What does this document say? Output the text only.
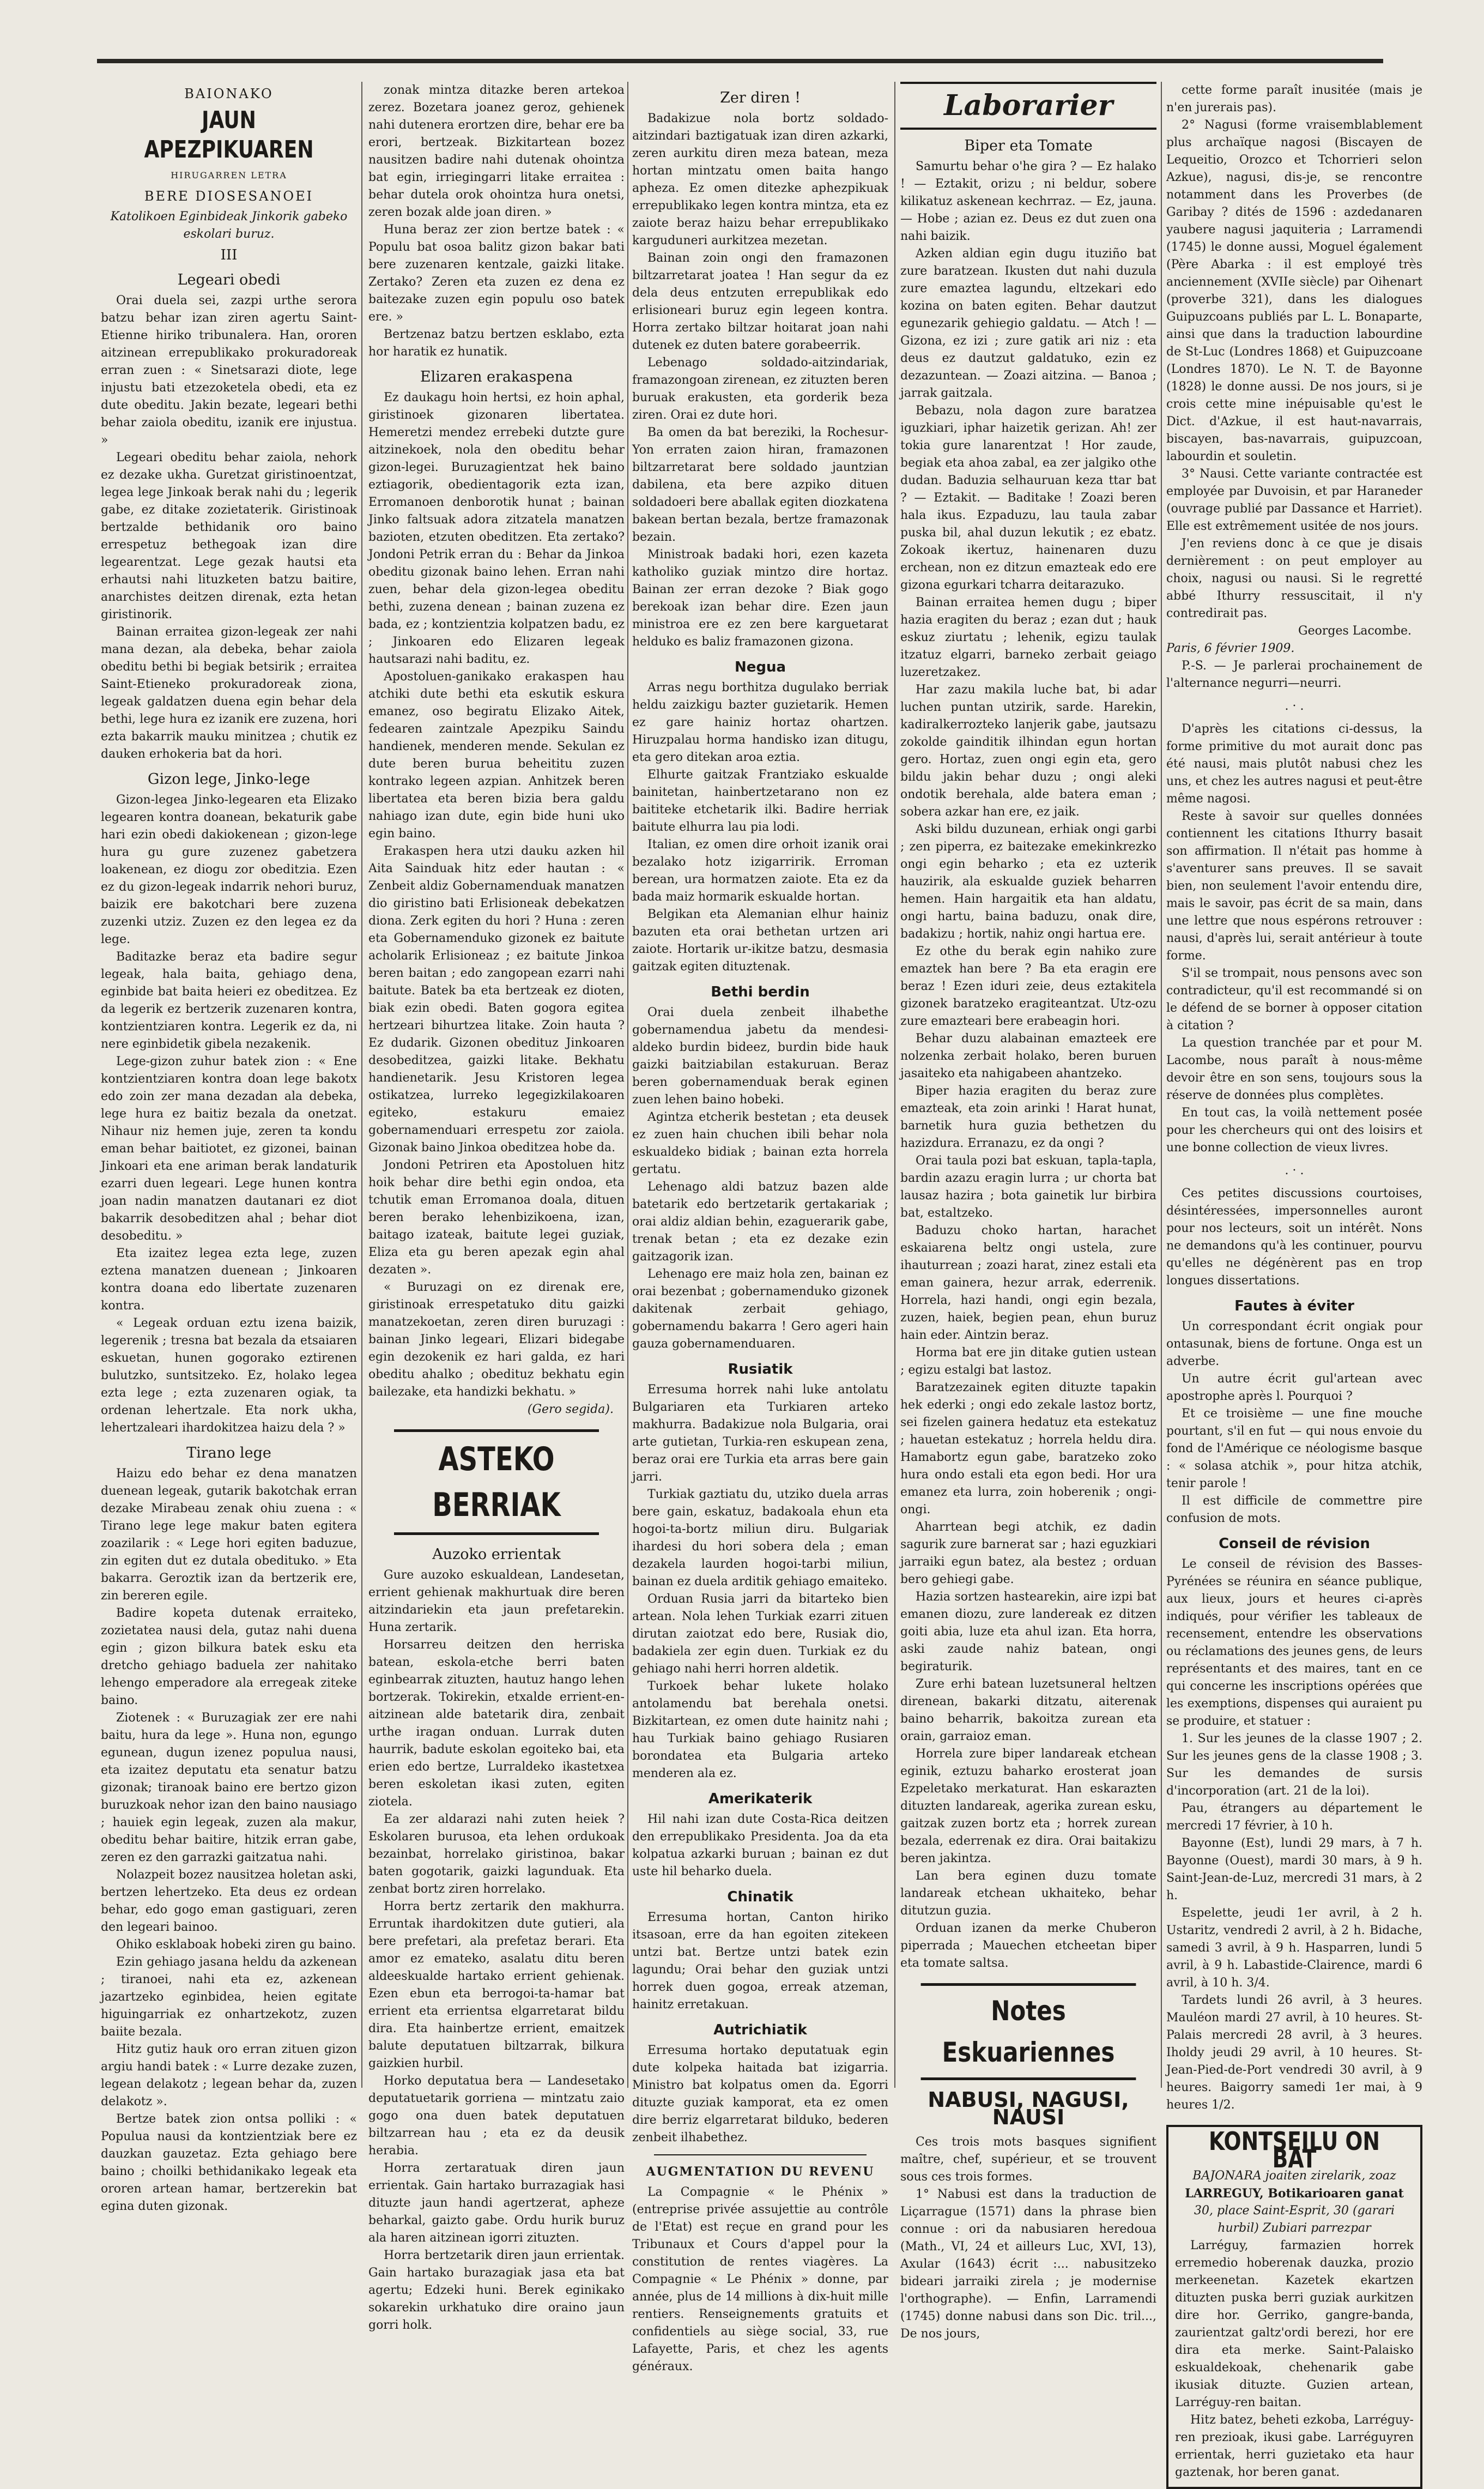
BAIONAKO
JAUN APEZPIKUAREN
HIRUGARREN LETRA
BERE DIOSESANOEI
Katolikoen Eginbideak Jinkorik gabeko eskolari buruz.
III
Legeari obedi

Orai duela sei, zazpi urthe serora batzu behar izan ziren agertu Saint-Etienne hiriko tribunalera. Han, ororen aitzinean errepublikako prokuradoreak erran zuen : « Sinetsarazi diote, lege injustu bati etzezoketela obedi, eta ez dute obeditu. Jakin bezate, legeari bethi behar zaiola obeditu, izanik ere injustua. »

Legeari obeditu behar zaiola, nehork ez dezake ukha. Guretzat giristinoentzat, legea lege Jinkoak berak nahi du ; legerik gabe, ez ditake zozietaterik. Giristinoak bertzalde bethidanik oro baino errespetuz bethegoak izan dire legearentzat. Lege gezak hautsi eta erhautsi nahi lituzketen batzu baitire, anarchistes deitzen direnak, ezta hetan giristinorik.

Bainan erraitea gizon-legeak zer nahi mana dezan, ala debeka, behar zaiola obeditu bethi bi begiak betsirik ; erraitea Saint-Etieneko prokuradoreak ziona, legeak galdatzen duena egin behar dela bethi, lege hura ez izanik ere zuzena, hori ezta bakarrik mauku minitzea ; chutik ez dauken erhokeria bat da hori.

Gizon lege, Jinko-lege

Gizon-legea Jinko-legearen eta Elizako legearen kontra doanean, bekaturik gabe hari ezin obedi dakiokenean ; gizon-lege hura gu gure zuzenez gabetzera loakenean, ez diogu zor obeditzia. Ezen ez du gizon-legeak indarrik nehori buruz, baizik ere bakotchari bere zuzena zuzenki utziz. Zuzen ez den legea ez da lege.

Baditazke beraz eta badire segur legeak, hala baita, gehiago dena, eginbide bat baita heieri ez obeditzea. Ez da legerik ez bertzerik zuzenaren kontra, kontzientziaren kontra. Legerik ez da, ni nere eginbidetik gibela nezakenik.

Lege-gizon zuhur batek zion : « Ene kontzientziaren kontra doan lege bakotx edo zoin zer mana dezadan ala debeka, lege hura ez baitiz bezala da onetzat. Nihaur niz hemen juje, zeren ta kondu eman behar baitiotet, ez gizonei, bainan Jinkoari eta ene ariman berak landaturik ezarri duen legeari. Lege hunen kontra joan nadin manatzen dautanari ez diot bakarrik desobeditzen ahal ; behar diot desobeditu. »

Eta izaitez legea ezta lege, zuzen eztena manatzen duenean ; Jinkoaren kontra doana edo libertate zuzenaren kontra.

« Legeak orduan eztu izena baizik, legerenik ; tresna bat bezala da etsaiaren eskuetan, hunen gogorako eztirenen bulutzko, suntsitzeko. Ez, holako legea ezta lege ; ezta zuzenaren ogiak, ta ordenan lehertzale. Eta nork ukha, lehertzaleari ihardokitzea haizu dela ? »

Tirano lege

Haizu edo behar ez dena manatzen duenean legeak, gutarik bakotchak erran dezake Mirabeau zenak ohiu zuena : « Tirano lege lege makur baten egitera zoazilarik : « Lege hori egiten baduzue, zin egiten dut ez dutala obedituko. » Eta bakarra. Geroztik izan da bertzerik ere, zin bereren egile.

Badire kopeta dutenak erraiteko, zozietatea nausi dela, gutaz nahi duena egin ; gizon bilkura batek esku eta dretcho gehiago baduela zer nahitako lehengo emperadore ala erregeak ziteke baino.

Ziotenek : « Buruzagiak zer ere nahi baitu, hura da lege ». Huna non, egungo egunean, dugun izenez populua nausi, eta izaitez deputatu eta senatur batzu gizonak; tiranoak baino ere bertzo gizon buruzkoak nehor izan den baino nausiago ; hauiek egin legeak, zuzen ala makur, obeditu behar baitire, hitzik erran gabe, zeren ez den garrazki gaitzatua nahi.

Nolazpeit bozez nausitzea holetan aski, bertzen lehertzeko. Eta deus ez ordean behar, edo gogo eman gastiguari, zeren den legeari bainoo.

Ohiko esklaboak hobeki ziren gu baino.

Ezin gehiago jasana heldu da azkenean ; tiranoei, nahi eta ez, azkenean jazartzeko eginbidea, heien egitate higuingarriak ez onhartzekotz, zuzen baiite bezala.

Hitz gutiz hauk oro erran zituen gizon argiu handi batek : « Lurre dezake zuzen, legean delakotz ; legean behar da, zuzen delakotz ».

Bertze batek zion ontsa polliki : « Populua nausi da kontzientziak bere ez dauzkan gauzetaz. Ezta gehiago bere baino ; choilki bethidanikako legeak eta ororen artean hamar, bertzerekin bat egina duten gizonak.

zonak mintza ditazke beren artekoa zerez. Bozetara joanez geroz, gehienek nahi dutenera erortzen dire, behar ere ba erori, bertzeak. Bizkitartean bozez nausitzen badire nahi dutenak ohointza bat egin, irriegingarri litake erraitea : behar dutela orok ohointza hura onetsi, zeren bozak alde joan diren. »

Huna beraz zer zion bertze batek : « Populu bat osoa balitz gizon bakar bati bere zuzenaren kentzale, gaizki litake. Zertako? Zeren eta zuzen ez dena ez baitezake zuzen egin populu oso batek ere. »

Bertzenaz batzu bertzen esklabo, ezta hor haratik ez hunatik.

Elizaren erakaspena

Ez daukagu hoin hertsi, ez hoin aphal, giristinoek gizonaren libertatea. Hemeretzi mendez errebeki dutzte gure aitzinekoek, nola den obeditu behar gizon-legei. Buruzagientzat hek baino eztiagorik, obedientagorik ezta izan, Erromanoen denborotik hunat ; bainan Jinko faltsuak adora zitzatela manatzen bazioten, etzuten obeditzen. Eta zertako? Jondoni Petrik erran du : Behar da Jinkoa obeditu gizonak baino lehen. Erran nahi zuen, behar dela gizon-legea obeditu bethi, zuzena denean ; bainan zuzena ez bada, ez ; kontzientzia kolpatzen badu, ez ; Jinkoaren edo Elizaren legeak hautsarazi nahi baditu, ez.

Apostoluen-ganikako erakaspen hau atchiki dute bethi eta eskutik eskura emanez, oso begiratu Elizako Aitek, fedearen zaintzale Apezpiku Saindu handienek, menderen mende. Sekulan ez dute beren burua beheititu zuzen kontrako legeen azpian. Anhitzek beren libertatea eta beren bizia bera galdu nahiago izan dute, egin bide huni uko egin baino.

Erakaspen hera utzi dauku azken hil Aita Sainduak hitz eder hautan : « Zenbeit aldiz Gobernamenduak manatzen dio giristino bati Erlisioneak debekatzen diona. Zerk egiten du hori ? Huna : zeren eta Gobernamenduko gizonek ez baitute acholarik Erlisioneaz ; ez baitute Jinkoa beren baitan ; edo zangopean ezarri nahi baitute. Batek ba eta bertzeak ez dioten, biak ezin obedi. Baten gogora egitea hertzeari bihurtzea litake. Zoin hauta ? Ez dudarik. Gizonen obedituz Jinkoaren desobeditzea, gaizki litake. Bekhatu handienetarik. Jesu Kristoren legea ostikatzea, lurreko legegizkilakoaren egiteko, estakuru emaiez gobernamenduari errespetu zor zaiola. Gizonak baino Jinkoa obeditzea hobe da.

Jondoni Petriren eta Apostoluen hitz hoik behar dire bethi egin ondoa, eta tchutik eman Erromanoa doala, dituen beren berako lehenbizikoena, izan, baitago izateak, baitute legei guziak, Eliza eta gu beren apezak egin ahal dezaten ».

« Buruzagi on ez direnak ere, giristinoak errespetatuko ditu gaizki manatzekoetan, zeren diren buruzagi : bainan Jinko legeari, Elizari bidegabe egin dezokenik ez hari galda, ez hari obeditu ahalko ; obedituz bekhatu egin bailezake, eta handizki bekhatu. »

(Gero segida).
ASTEKO BERRIAK
Auzoko errientak

Gure auzoko eskualdean, Landesetan, errient gehienak makhurtuak dire beren aitzindariekin eta jaun prefetarekin. Huna zertarik.

Horsarreu deitzen den herriska batean, eskola-etche berri baten eginbearrak zituzten, hautuz hango lehen bortzerak. Tokirekin, etxalde errient-en-aitzinean alde batetarik dira, zenbait urthe iragan onduan. Lurrak duten haurrik, badute eskolan egoiteko bai, eta erien edo bertze, Lurraldeko ikastetxea beren eskoletan ikasi zuten, egiten ziotela.

Ea zer aldarazi nahi zuten heiek ? Eskolaren burusoa, eta lehen ordukoak bezainbat, horrelako giristinoa, bakar baten gogotarik, gaizki lagunduak. Eta zenbat bortz ziren horrelako.

Horra bertz zertarik den makhurra. Erruntak ihardokitzen dute gutieri, ala bere prefetari, ala prefetaz berari. Eta amor ez emateko, asalatu ditu beren aldeeskualde hartako errient gehienak. Ezen ebun eta berrogoi-ta-hamar bat errient eta errientsa elgarretarat bildu dira. Eta hainbertze errient, emaitzek balute deputatuen biltzarrak, bilkura gaizkien hurbil.

Horko deputatua bera — Landesetako deputatuetarik gorriena — mintzatu zaio gogo ona duen batek deputatuen biltzarrean hau ; eta ez da deusik herabia.

Horra zertaratuak diren jaun errientak. Gain hartako burrazagiak hasi dituzte jaun handi agertzerat, apheze beharkal, gaizto gabe. Ordu hurik buruz ala haren aitzinean igorri zituzten.

Horra bertzetarik diren jaun errientak. Gain hartako burazagiak jasa eta bat agertu; Edzeki huni. Berek eginikako sokarekin urkhatuko dire oraino jaun gorri holk.

Zer diren !

Badakizue nola bortz soldado-aitzindari baztigatuak izan diren azkarki, zeren aurkitu diren meza batean, meza hortan mintzatu omen baita hango apheza. Ez omen ditezke aphezpikuak errepublikako legen kontra mintza, eta ez zaiote beraz haizu behar errepublikako karguduneri aurkitzea mezetan.

Bainan zoin ongi den framazonen biltzarretarat joatea ! Han segur da ez dela deus entzuten errepublikak edo erlisioneari buruz egin legeen kontra. Horra zertako biltzar hoitarat joan nahi dutenek ez duten batere gorabeerrik.

Lebenago soldado-aitzindariak, framazongoan zirenean, ez zituzten beren buruak erakusten, eta gorderik beza ziren. Orai ez dute hori.

Ba omen da bat bereziki, la Rochesur-Yon erraten zaion hiran, framazonen biltzarretarat bere soldado jauntzian dabilena, eta bere azpiko dituen soldadoeri bere aballak egiten diozkatena bakean bertan bezala, bertze framazonak bezain.

Ministroak badaki hori, ezen kazeta katholiko guziak mintzo dire hortaz. Bainan zer erran dezoke ? Biak gogo berekoak izan behar dire. Ezen jaun ministroa ere ez zen bere karguetarat helduko es baliz framazonen gizona.

Negua

Arras negu borthitza dugulako berriak heldu zaizkigu bazter guzietarik. Hemen ez gare hainiz hortaz ohartzen. Hiruzpalau horma handisko izan ditugu, eta gero ditekan aroa eztia.

Elhurte gaitzak Frantziako eskualde bainitetan, hainbertzetarano non ez baititeke etchetarik ilki. Badire herriak baitute elhurra lau pia lodi.

Italian, ez omen dire orhoit izanik orai bezalako hotz izigarririk. Erroman berean, ura hormatzen zaiote. Eta ez da bada maiz hormarik eskualde hortan.

Belgikan eta Alemanian elhur hainiz bazuten eta orai bethetan urtzen ari zaiote. Hortarik ur-ikitze batzu, desmasia gaitzak egiten dituztenak.

Bethi berdin

Orai duela zenbeit ilhabethe gobernamendua jabetu da mendesi-aldeko burdin bideez, burdin bide hauk gaizki baitziabilan estakuruan. Beraz beren gobernamenduak berak eginen zuen lehen baino hobeki.

Agintza etcherik bestetan ; eta deusek ez zuen hain chuchen ibili behar nola eskualdeko bidiak ; bainan ezta horrela gertatu.

Lehenago aldi batzuz bazen alde batetarik edo bertzetarik gertakariak ; orai aldiz aldian behin, ezaguerarik gabe, trenak betan ; eta ez dezake ezin gaitzagorik izan.

Lehenago ere maiz hola zen, bainan ez orai bezenbat ; gobernamenduko gizonek dakitenak zerbait gehiago, gobernamendu bakarra ! Gero ageri hain gauza gobernamenduaren.

Rusiatik

Erresuma horrek nahi luke antolatu Bulgariaren eta Turkiaren arteko makhurra. Badakizue nola Bulgaria, orai arte gutietan, Turkia-ren eskupean zena, beraz orai ere Turkia eta arras bere gain jarri.

Turkiak gaztiatu du, utziko duela arras bere gain, eskatuz, badakoala ehun eta hogoi-ta-bortz miliun diru. Bulgariak ihardesi du hori sobera dela ; eman dezakela laurden hogoi-tarbi miliun, bainan ez duela arditik gehiago emaiteko.

Orduan Rusia jarri da bitarteko bien artean. Nola lehen Turkiak ezarri zituen dirutan zaiotzat edo bere, Rusiak dio, badakiela zer egin duen. Turkiak ez du gehiago nahi herri horren aldetik.

Turkoek behar lukete holako antolamendu bat berehala onetsi. Bizkitartean, ez omen dute hainitz nahi ; hau Turkiak baino gehiago Rusiaren borondatea eta Bulgaria arteko menderen ala ez.

Amerikaterik

Hil nahi izan dute Costa-Rica deitzen den errepublikako Presidenta. Joa da eta kolpatua azkarki buruan ; bainan ez dut uste hil beharko duela.

Chinatik

Erresuma hortan, Canton hiriko itsasoan, erre da han egoiten zitekeen untzi bat. Bertze untzi batek ezin lagundu; Orai behar den guziak untzi horrek duen gogoa, erreak atzeman, hainitz erretakuan.

Autrichiatik

Erresuma hortako deputatuak egin dute kolpeka haitada bat izigarria. Ministro bat kolpatus omen da. Egorri dituzte guziak kamporat, eta ez omen dire berriz elgarretarat bilduko, bederen zenbeit ilhabethez.

AUGMENTATION DU REVENU

La Compagnie « le Phénix » (entreprise privée assujettie au contrôle de l'Etat) est reçue en grand pour les Tribunaux et Cours d'appel pour la constitution de rentes viagères. La Compagnie « Le Phénix » donne, par année, plus de 14 millions à dix-huit mille rentiers. Renseignements gratuits et confidentiels au siège social, 33, rue Lafayette, Paris, et chez les agents généraux.

Laborarier
Biper eta Tomate

Samurtu behar o'he gira ? — Ez halako ! — Eztakit, orizu ; ni beldur, sobere kilikatuz askenean kechrraz. — Ez, jauna. — Hobe ; azian ez. Deus ez dut zuen ona nahi baizik.

Azken aldian egin dugu ituziño bat zure baratzean. Ikusten dut nahi duzula zure emaztea lagundu, eltzekari edo kozina on baten egiten. Behar dautzut egunezarik gehiegio galdatu. — Atch ! — Gizona, ez izi ; zure gatik ari niz : eta deus ez dautzut galdatuko, ezin ez dezazuntean. — Zoazi aitzina. — Banoa ; jarrak gaitzala.

Bebazu, nola dagon zure baratzea iguzkiari, iphar haizetik gerizan. Ah! zer tokia gure lanarentzat ! Hor zaude, begiak eta ahoa zabal, ea zer jalgiko othe dudan. Baduzia selhauruan keza ttar bat ? — Eztakit. — Baditake ! Zoazi beren hala ikus. Ezpaduzu, lau taula zabar puska bil, ahal duzun lekutik ; ez ebatz. Zokoak ikertuz, hainenaren duzu erchean, non ez ditzun emazteak edo ere gizona egurkari tcharra deitarazuko.

Bainan erraitea hemen dugu ; biper hazia eragiten du beraz ; ezan dut ; hauk eskuz ziurtatu ; lehenik, egizu taulak itzatuz elgarri, barneko zerbait geiago luzeretzakez.

Har zazu makila luche bat, bi adar luchen puntan utzirik, sarde. Harekin, kadiralkerrozteko lanjerik gabe, jautsazu zokolde gainditik ilhindan egun hortan gero. Hortaz, zuen ongi egin eta, gero bildu jakin behar duzu ; ongi aleki ondotik berehala, alde batera eman ; sobera azkar han ere, ez jaik.

Aski bildu duzunean, erhiak ongi garbi ; zen piperra, ez baitezake emekinkrezko ongi egin beharko ; eta ez uzterik hauzirik, ala eskualde guziek beharren hemen. Hain hargaitik eta han aldatu, ongi hartu, baina baduzu, onak dire, badakizu ; hortik, nahiz ongi hartua ere.

Ez othe du berak egin nahiko zure emaztek han bere ? Ba eta eragin ere beraz ! Ezen iduri zeie, deus eztakitela gizonek baratzeko eragiteantzat. Utz-ozu zure emazteari bere erabeagin hori.

Behar duzu alabainan emazteek ere nolzenka zerbait holako, beren buruen jasaiteko eta nahigabeen ahantzeko.

Biper hazia eragiten du beraz zure emazteak, eta zoin arinki ! Harat hunat, barnetik hura guzia bethetzen du hazizdura. Erranazu, ez da ongi ?

Orai taula pozi bat eskuan, tapla-tapla, bardin azazu eragin lurra ; ur chorta bat lausaz hazira ; bota gainetik lur birbira bat, estaltzeko.

Baduzu choko hartan, harachet eskaiarena beltz ongi ustela, zure ihauturrean ; zoazi harat, zinez estali eta eman gainera, hezur arrak, ederrenik. Horrela, hazi handi, ongi egin bezala, zuzen, haiek, begien pean, ehun buruz hain eder. Aintzin beraz.

Horma bat ere jin ditake gutien ustean ; egizu estalgi bat lastoz.

Baratzezainek egiten dituzte tapakin hek ederki ; ongi edo zekale lastoz bortz, sei fizelen gainera hedatuz eta estekatuz ; hauetan estekatuz ; horrela heldu dira. Hamabortz egun gabe, baratzeko zoko hura ondo estali eta egon bedi. Hor ura emanez eta lurra, zoin hoberenik ; ongi-ongi.

Aharrtean begi atchik, ez dadin sagurik zure barnerat sar ; hazi eguzkiari jarraiki egun batez, ala bestez ; orduan bero gehiegi gabe.

Hazia sortzen hastearekin, aire izpi bat emanen diozu, zure landereak ez ditzen goiti abia, luze eta ahul izan. Eta horra, aski zaude nahiz batean, ongi begiraturik.

Zure erhi batean luzetsuneral heltzen direnean, bakarki ditzatu, aiterenak baino beharrik, bakoitza zurean eta orain, garraioz eman.

Horrela zure biper landareak etchean eginik, eztuzu baharko erosterat joan Ezpeletako merkaturat. Han eskarazten dituzten landareak, agerika zurean esku, gaitzak zuzen bortz eta ; horrek zurean bezala, ederrenak ez dira. Orai baitakizu beren jakintza.

Lan bera eginen duzu tomate landareak etchean ukhaiteko, behar ditutzun guzia.

Orduan izanen da merke Chuberon piperrada ; Mauechen etcheetan biper eta tomate saltsa.

Notes Eskuariennes
NABUSI, NAGUSI, NAUSI

Ces trois mots basques signifient maître, chef, supérieur, et se trouvent sous ces trois formes.

1° Nabusi est dans la traduction de Liçarrague (1571) dans la phrase bien connue : ori da nabusiaren heredoua (Math., VI, 24 et ailleurs Luc, XVI, 13), Axular (1643) écrit :... nabusitzeko bideari jarraiki zirela ; je modernise l'orthographe). — Enfin, Larramendi (1745) donne nabusi dans son Dic. tril..., De nos jours,

cette forme paraît inusitée (mais je n'en jurerais pas).

2° Nagusi (forme vraisemblablement plus archaïque nagosi (Biscayen de Lequeitio, Orozco et Tchorrieri selon Azkue), nagusi, dis-je, se rencontre notamment dans les Proverbes (de Garibay ? dités de 1596 : azdedanaren yaubere nagusi jaquiteria ; Larramendi (1745) le donne aussi, Moguel également (Père Abarka : il est employé très anciennement (XVIIe siècle) par Oihenart (proverbe 321), dans les dialogues Guipuzcoans publiés par L. L. Bonaparte, ainsi que dans la traduction labourdine de St-Luc (Londres 1868) et Guipuzcoane (Londres 1870). Le N. T. de Bayonne (1828) le donne aussi. De nos jours, si je crois cette mine inépuisable qu'est le Dict. d'Azkue, il est haut-navarrais, biscayen, bas-navarrais, guipuzcoan, labourdin et souletin.

3° Nausi. Cette variante contractée est employée par Duvoisin, et par Haraneder (ouvrage publié par Dassance et Harriet). Elle est extrêmement usitée de nos jours.

J'en reviens donc à ce que je disais dernièrement : on peut employer au choix, nagusi ou nausi. Si le regretté abbé Ithurry ressuscitait, il n'y contredirait pas.

Georges Lacombe.
Paris, 6 février 1909.

P.-S. — Je parlerai prochainement de l'alternance negurri—neurri.

. · .

D'après les citations ci-dessus, la forme primitive du mot aurait donc pas été nausi, mais plutôt nabusi chez les uns, et chez les autres nagusi et peut-être même nagosi.

Reste à savoir sur quelles données contiennent les citations Ithurry basait son affirmation. Il n'était pas homme à s'aventurer sans preuves. Il se savait bien, non seulement l'avoir entendu dire, mais le savoir, pas écrit de sa main, dans une lettre que nous espérons retrouver : nausi, d'après lui, serait antérieur à toute forme.

S'il se trompait, nous pensons avec son contradicteur, qu'il est recommandé si on le défend de se borner à opposer citation à citation ?

La question tranchée par et pour M. Lacombe, nous paraît à nous-même devoir être en son sens, toujours sous la réserve de données plus complètes.

En tout cas, la voilà nettement posée pour les chercheurs qui ont des loisirs et une bonne collection de vieux livres.

. · .

Ces petites discussions courtoises, désintéressées, impersonnelles auront pour nos lecteurs, soit un intérêt. Nons ne demandons qu'à les continuer, pourvu qu'elles ne dégénèrent pas en trop longues dissertations.

Fautes à éviter

Un correspondant écrit ongiak pour ontasunak, biens de fortune. Onga est un adverbe.

Un autre écrit gul'artean avec apostrophe après l. Pourquoi ?

Et ce troisième — une fine mouche pourtant, s'il en fut — qui nous envoie du fond de l'Amérique ce néologisme basque : « solasa atchik », pour hitza atchik, tenir parole !

Il est difficile de commettre pire confusion de mots.

Conseil de révision

Le conseil de révision des Basses-Pyrénées se réunira en séance publique, aux lieux, jours et heures ci-après indiqués, pour vérifier les tableaux de recensement, entendre les observations ou réclamations des jeunes gens, de leurs représentants et des maires, tant en ce qui concerne les inscriptions opérées que les exemptions, dispenses qui auraient pu se produire, et statuer :

1. Sur les jeunes de la classe 1907 ; 2. Sur les jeunes gens de la classe 1908 ; 3. Sur les demandes de sursis d'incorporation (art. 21 de la loi).

Pau, étrangers au département le mercredi 17 février, à 10 h.

Bayonne (Est), lundi 29 mars, à 7 h. Bayonne (Ouest), mardi 30 mars, à 9 h. Saint-Jean-de-Luz, mercredi 31 mars, à 2 h.

Espelette, jeudi 1er avril, à 2 h. Ustaritz, vendredi 2 avril, à 2 h. Bidache, samedi 3 avril, à 9 h. Hasparren, lundi 5 avril, à 9 h. Labastide-Clairence, mardi 6 avril, à 10 h. 3/4.

Tardets lundi 26 avril, à 3 heures. Mauléon mardi 27 avril, à 10 heures. St-Palais mercredi 28 avril, à 3 heures. Iholdy jeudi 29 avril, à 10 heures. St-Jean-Pied-de-Port vendredi 30 avril, à 9 heures. Baigorry samedi 1er mai, à 9 heures 1/2.

KONTSEILU ON BAT
BAJONARA joaiten zirelarik, zoaz
LARREGUY, Botikarioaren ganat
30, place Saint-Esprit, 30 (garari hurbil) Zubiari parrezpar

Larréguy, farmazien horrek erremedio hoberenak dauzka, prozio merkeenetan. Kazetek ekartzen dituzten puska berri guziak aurkitzen dire hor. Gerriko, gangre-banda, zaurientzat galtz'ordi berezi, hor ere dira eta merke. Saint-Palaisko eskualdekoak, chehenarik gabe ikusiak dituzte. Guzien artean, Larréguy-ren baitan.

Hitz batez, beheti ezkoba, Larréguy-ren prezioak, ikusi gabe. Larréguyren errientak, herri guzietako eta haur gaztenak, hor beren ganat.
